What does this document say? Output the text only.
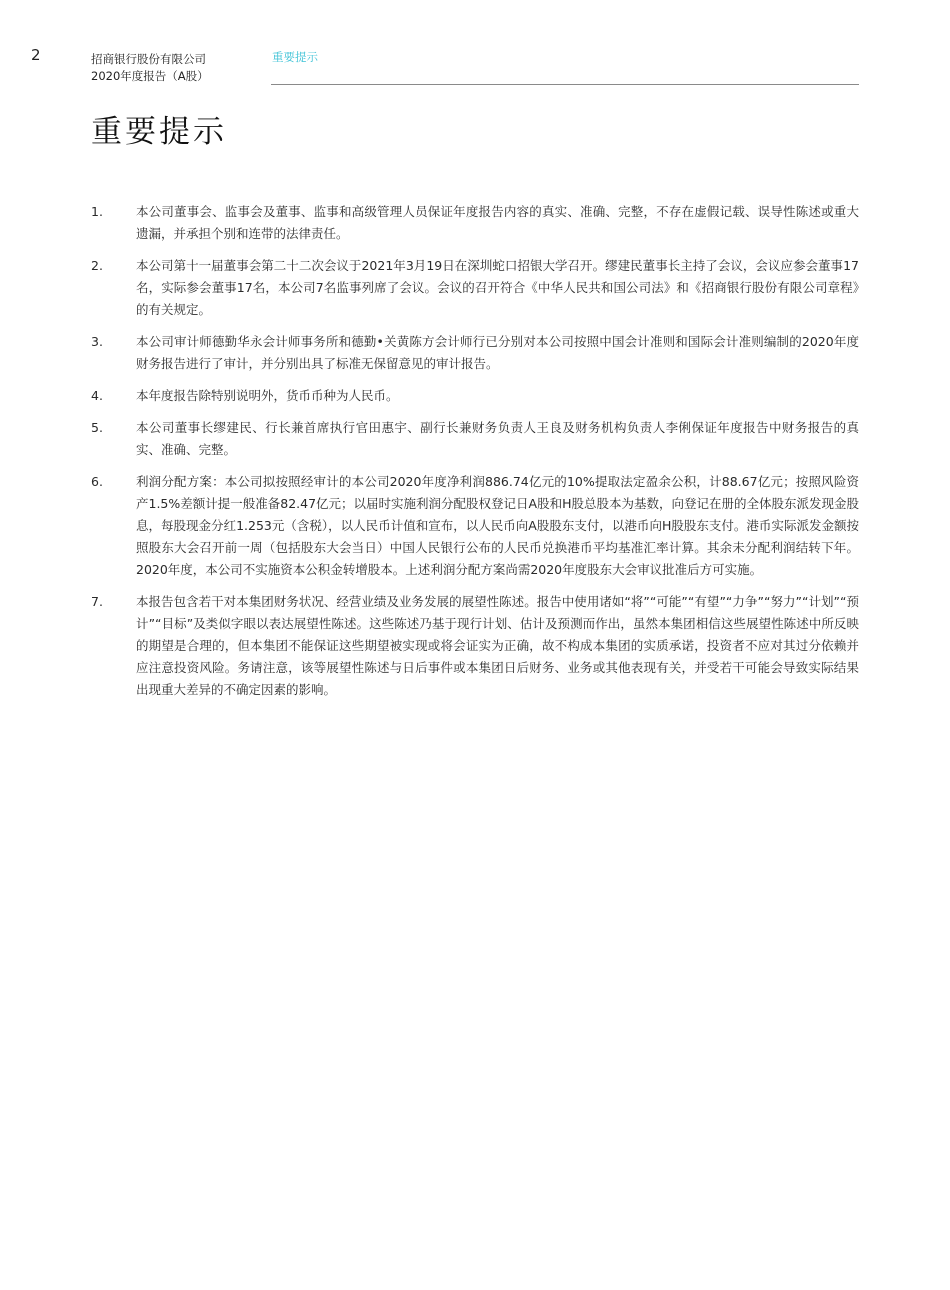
2	招商银行股份有限公司
2020年度报告（A股）
重要提示
重要提示
1.	本公司董事会、监事会及董事、监事和高级管理人员保证年度报告内容的真实、准确、完整，不存在虚假记载、误导性陈述或重大遗漏，并承担个别和连带的法律责任。
2.	本公司第十一届董事会第二十二次会议于2021年3月19日在深圳蛇口招银大学召开。缪建民董事长主持了会议，会议应参会董事17名，实际参会董事17名，本公司7名监事列席了会议。会议的召开符合《中华人民共和国公司法》和《招商银行股份有限公司章程》的有关规定。
3.	本公司审计师德勤华永会计师事务所和德勤•关黄陈方会计师行已分别对本公司按照中国会计准则和国际会计准则编制的2020年度财务报告进行了审计，并分别出具了标准无保留意见的审计报告。
4.	本年度报告除特别说明外，货币币种为人民币。
5.	本公司董事长缪建民、行长兼首席执行官田惠宇、副行长兼财务负责人王良及财务机构负责人李俐保证年度报告中财务报告的真实、准确、完整。
6.	利润分配方案：本公司拟按照经审计的本公司2020年度净利润886.74亿元的10%提取法定盈余公积，计88.67亿元；按照风险资产1.5%差额计提一般准备82.47亿元；以届时实施利润分配股权登记日A股和H股总股本为基数，向登记在册的全体股东派发现金股息，每股现金分红1.253元（含税），以人民币计值和宣布，以人民币向A股股东支付，以港币向H股股东支付。港币实际派发金额按照股东大会召开前一周（包括股东大会当日）中国人民银行公布的人民币兑换港币平均基准汇率计算。其余未分配利润结转下年。2020年度，本公司不实施资本公积金转增股本。上述利润分配方案尚需2020年度股东大会审议批准后方可实施。
7.	本报告包含若干对本集团财务状况、经营业绩及业务发展的展望性陈述。报告中使用诸如“将”“可能”“有望”“力争”“努力”“计划”“预计”“目标”及类似字眼以表达展望性陈述。这些陈述乃基于现行计划、估计及预测而作出，虽然本集团相信这些展望性陈述中所反映的期望是合理的，但本集团不能保证这些期望被实现或将会证实为正确，故不构成本集团的实质承诺，投资者不应对其过分依赖并应注意投资风险。务请注意，该等展望性陈述与日后事件或本集团日后财务、业务或其他表现有关，并受若干可能会导致实际结果出现重大差异的不确定因素的影响。
